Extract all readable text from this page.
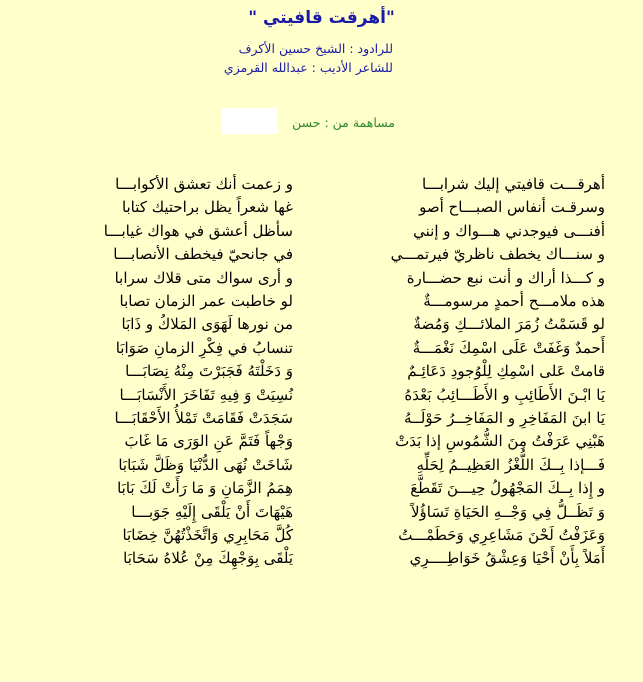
"أهرقت قافيتي "
للرادود : الشيخ حسين الأكرف
للشاعر الأديب : عبدالله القرمزي
مساهمة من : حسن
أهرقـــت قافيتي إليك شرابـــا
و زعمت أنك تعشق الأكوابـــا
وسرقـت أنفاس الصبـــاح أصو
غها شعراً يظل براحتيك كتابا
أفنـــى فيوجدني هـــواك و إنني
سأظل أعشق في هواك غيابـــا
و سنـــاك يخطف ناظريّ فيرتمـــي
في جانحيّ فيخطف الأنصابـــا
و كـــذا أراك و أنت نبع حضـــارة
و أرى سواك متى قلاك سرابا
هذه ملامـــح أحمدٍ مرسومـــةٌ
لو خاطبت عمر الزمان تصابا
لو قَسَمْتُ زُمَرَ الملائـــكِ وَمُضةٌ
من نورها لَهَوَى المَلاكُ و ذَابَا
أَحمدٌ وَغَفَتْ عَلَى اسْمِكَ نَغْمَـــةٌ
تنسابُ في فِكْرِ الزمانِ صَوَابَا
قامتْ عَلى اسْمِكِ لِلْوُجودِ دَعَائِـمٌ
وَ دَخَلْتَهُ فَجَبَرْتَ مِنْهُ نِصَابَـــا
يَا ابْـنَ الأَطَائِبِ و الأَطَـــائِبُ بَعْدَهُ
نُسِيَتْ وَ فِيهِ تَفَاخَرَ الأَنْسَابَـــا
يَا ابنَ المَفَاخِرِ و المَفَاخِــرُ حَوْلَــهُ
سَجَدَتْ فَقَامَتْ تَمْلأُ الأَحْقَابَـــا
هَبْنِي عَرَفْتُ مِنَ الشُّمُوسِ إذا بَدَتْ
وَجْهاً فَتَمَّ عَنِ الوَرَى مَا غَابَ
فَـــإذا بِــكَ اللُّغْزُ العَظِيــمُ لِحَلِّهِ
شَاخَتْ نُهَى الدُّنْيَا وَظَلَّ شَبَابَا
و إِذا بِــكَ المَجْهُولُ حِيـــنَ تَقَطَّعَ
هِمَمُ الزَّمَانِ وَ مَا رَأَتْ لَكَ بَابَا
وَ تَظَــلُّ فِي وَجْــهِ الحَيَاةِ تَسَاؤُلاً
هَيْهَاتَ أَنْ يَلْقَى إِلَيْهِ جَوَبـــا
وَعَزَفْتُ لَحْنَ مَشَاعِرِي وَحَطَمْـــتُ
كُلَّ مَحَابِرِي وَاتَّخَذْتُهُنَّ خِضَابَا
أَمَلاً بِأَنْ أَحْيَا وَعِشْقُ خَوَاطِــــرِي
يَلْقَى بِوَجْهِكَ مِنْ عُلاهُ سَحَابَا
